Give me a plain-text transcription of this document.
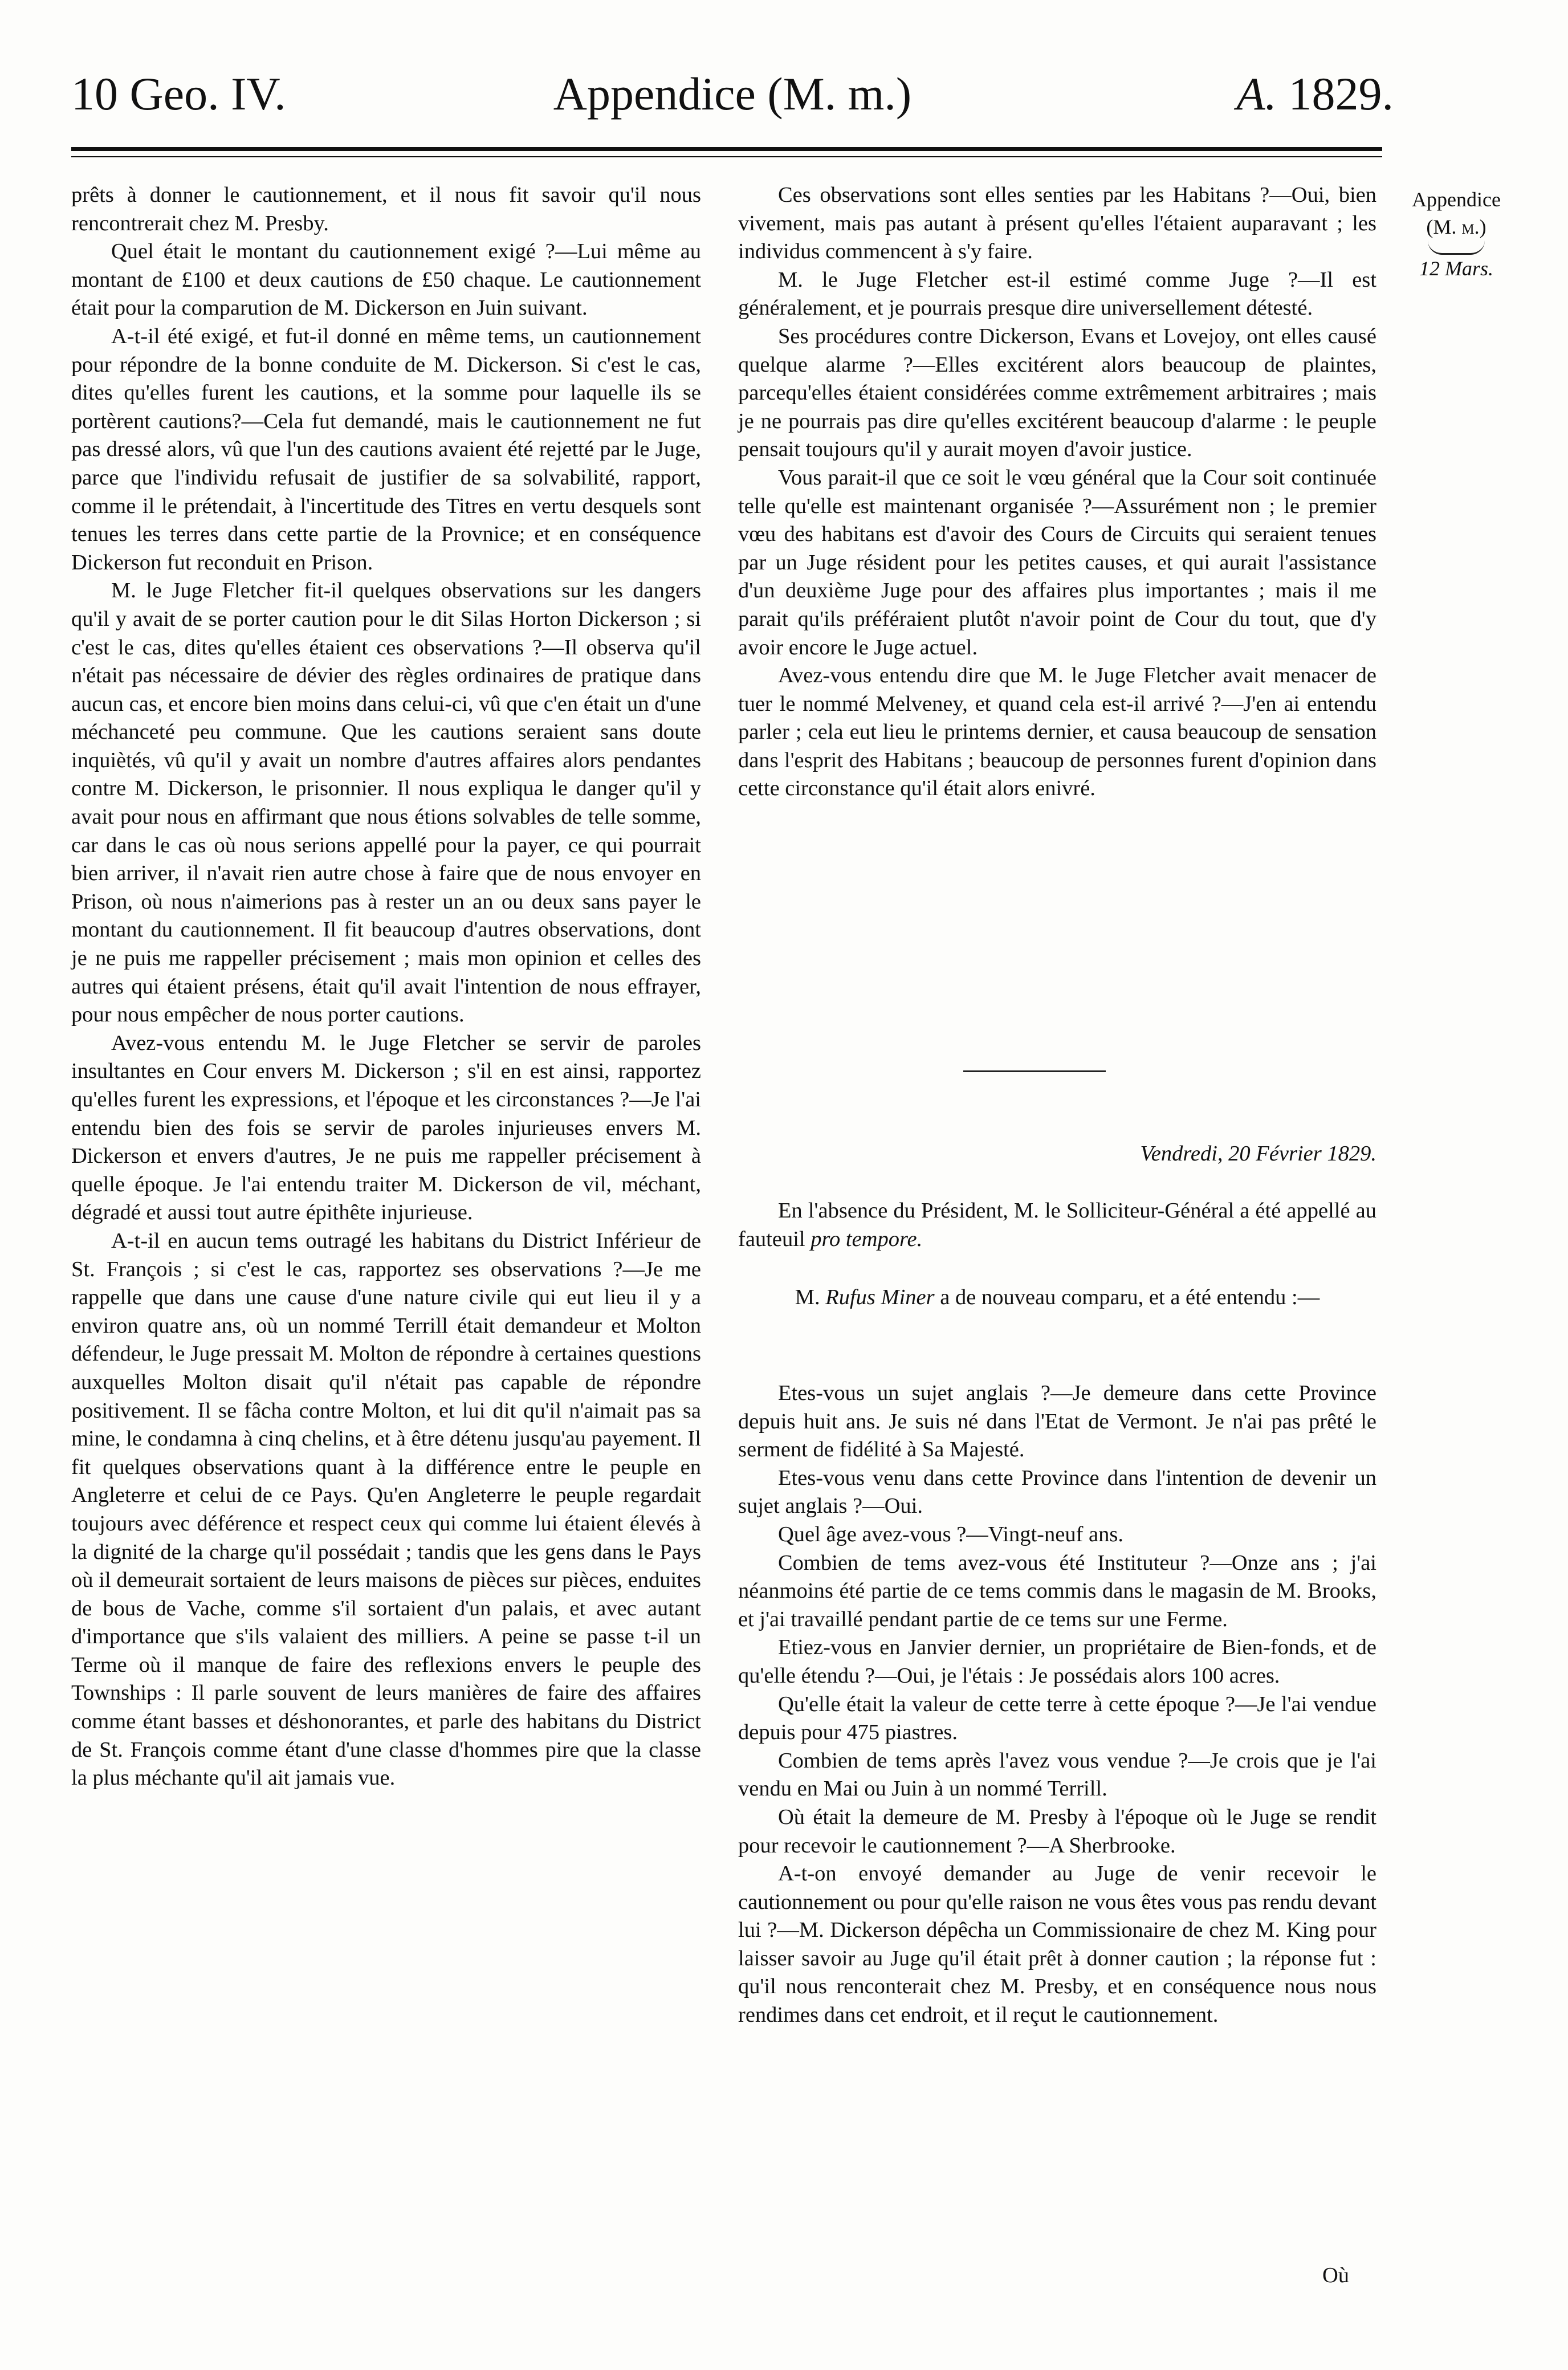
10 Geo. IV.	Appendice (M. m.)	A. 1829.
Appendice
(M. m.)
12 Mars.

prêts à donner le cautionnement, et il nous fit savoir qu'il nous rencontrerait chez M. Presby.

Quel était le montant du cautionnement exigé ?—Lui même au montant de £100 et deux cautions de £50 chaque. Le cautionnement était pour la comparution de M. Dickerson en Juin suivant.

A-t-il été exigé, et fut-il donné en même tems, un cautionnement pour répondre de la bonne conduite de M. Dickerson. Si c'est le cas, dites qu'elles furent les cautions, et la somme pour laquelle ils se portèrent cautions?—Cela fut demandé, mais le cautionnement ne fut pas dressé alors, vû que l'un des cautions avaient été rejetté par le Juge, parce que l'individu refusait de justifier de sa solvabilité, rapport, comme il le prétendait, à l'incertitude des Titres en vertu desquels sont tenues les terres dans cette partie de la Provnice; et en conséquence Dickerson fut reconduit en Prison.

M. le Juge Fletcher fit-il quelques observations sur les dangers qu'il y avait de se porter caution pour le dit Silas Horton Dickerson ; si c'est le cas, dites qu'elles étaient ces observations ?—Il observa qu'il n'était pas nécessaire de dévier des règles ordinaires de pratique dans aucun cas, et encore bien moins dans celui-ci, vû que c'en était un d'une méchanceté peu commune. Que les cautions seraient sans doute inquiètés, vû qu'il y avait un nombre d'autres affaires alors pendantes contre M. Dickerson, le prisonnier. Il nous expliqua le danger qu'il y avait pour nous en affirmant que nous étions solvables de telle somme, car dans le cas où nous serions appellé pour la payer, ce qui pourrait bien arriver, il n'avait rien autre chose à faire que de nous envoyer en Prison, où nous n'aimerions pas à rester un an ou deux sans payer le montant du cautionnement. Il fit beaucoup d'autres observations, dont je ne puis me rappeller précisement ; mais mon opinion et celles des autres qui étaient présens, était qu'il avait l'intention de nous effrayer, pour nous empêcher de nous porter cautions.

Avez-vous entendu M. le Juge Fletcher se servir de paroles insultantes en Cour envers M. Dickerson ; s'il en est ainsi, rapportez qu'elles furent les expressions, et l'époque et les circonstances ?—Je l'ai entendu bien des fois se servir de paroles injurieuses envers M. Dickerson et envers d'autres, Je ne puis me rappeller précisement à quelle époque. Je l'ai entendu traiter M. Dickerson de vil, méchant, dégradé et aussi tout autre épithête injurieuse.

A-t-il en aucun tems outragé les habitans du District Inférieur de St. François ; si c'est le cas, rapportez ses observations ?—Je me rappelle que dans une cause d'une nature civile qui eut lieu il y a environ quatre ans, où un nommé Terrill était demandeur et Molton défendeur, le Juge pressait M. Molton de répondre à certaines questions auxquelles Molton disait qu'il n'était pas capable de répondre positivement. Il se fâcha contre Molton, et lui dit qu'il n'aimait pas sa mine, le condamna à cinq chelins, et à être détenu jusqu'au payement. Il fit quelques observations quant à la différence entre le peuple en Angleterre et celui de ce Pays. Qu'en Angleterre le peuple regardait toujours avec déférence et respect ceux qui comme lui étaient élevés à la dignité de la charge qu'il possédait ; tandis que les gens dans le Pays où il demeurait sortaient de leurs maisons de pièces sur pièces, enduites de bous de Vache, comme s'il sortaient d'un palais, et avec autant d'importance que s'ils valaient des milliers. A peine se passe t-il un Terme où il manque de faire des reflexions envers le peuple des Townships : Il parle souvent de leurs manières de faire des affaires comme étant basses et déshonorantes, et parle des habitans du District de St. François comme étant d'une classe d'hommes pire que la classe la plus méchante qu'il ait jamais vue.

Ces observations sont elles senties par les Habitans ?—Oui, bien vivement, mais pas autant à présent qu'elles l'étaient auparavant ; les individus commencent à s'y faire.

M. le Juge Fletcher est-il estimé comme Juge ?—Il est généralement, et je pourrais presque dire universellement détesté.

Ses procédures contre Dickerson, Evans et Lovejoy, ont elles causé quelque alarme ?—Elles excitérent alors beaucoup de plaintes, parcequ'elles étaient considérées comme extrêmement arbitraires ; mais je ne pourrais pas dire qu'elles excitérent beaucoup d'alarme : le peuple pensait toujours qu'il y aurait moyen d'avoir justice.

Vous parait-il que ce soit le vœu général que la Cour soit continuée telle qu'elle est maintenant organisée ?—Assurément non ; le premier vœu des habitans est d'avoir des Cours de Circuits qui seraient tenues par un Juge résident pour les petites causes, et qui aurait l'assistance d'un deuxième Juge pour des affaires plus importantes ; mais il me parait qu'ils préféraient plutôt n'avoir point de Cour du tout, que d'y avoir encore le Juge actuel.

Avez-vous entendu dire que M. le Juge Fletcher avait menacer de tuer le nommé Melveney, et quand cela est-il arrivé ?—J'en ai entendu parler ; cela eut lieu le printems dernier, et causa beaucoup de sensation dans l'esprit des Habitans ; beaucoup de personnes furent d'opinion dans cette circonstance qu'il était alors enivré.

Vendredi, 20 Février 1829.

En l'absence du Président, M. le Solliciteur-Général a été appellé au fauteuil pro tempore.

M. Rufus Miner a de nouveau comparu, et a été entendu :—

Etes-vous un sujet anglais ?—Je demeure dans cette Province depuis huit ans. Je suis né dans l'Etat de Vermont. Je n'ai pas prêté le serment de fidélité à Sa Majesté.

Etes-vous venu dans cette Province dans l'intention de devenir un sujet anglais ?—Oui.

Quel âge avez-vous ?—Vingt-neuf ans.

Combien de tems avez-vous été Instituteur ?—Onze ans ; j'ai néanmoins été partie de ce tems commis dans le magasin de M. Brooks, et j'ai travaillé pendant partie de ce tems sur une Ferme.

Etiez-vous en Janvier dernier, un propriétaire de Bien-fonds, et de qu'elle étendu ?—Oui, je l'étais : Je possédais alors 100 acres.

Qu'elle était la valeur de cette terre à cette époque ?—Je l'ai vendue depuis pour 475 piastres.

Combien de tems après l'avez vous vendue ?—Je crois que je l'ai vendu en Mai ou Juin à un nommé Terrill.

Où était la demeure de M. Presby à l'époque où le Juge se rendit pour recevoir le cautionnement ?—A Sherbrooke.

A-t-on envoyé demander au Juge de venir recevoir le cautionnement ou pour qu'elle raison ne vous êtes vous pas rendu devant lui ?—M. Dickerson dépêcha un Commissionaire de chez M. King pour laisser savoir au Juge qu'il était prêt à donner caution ; la réponse fut : qu'il nous renconterait chez M. Presby, et en conséquence nous nous rendimes dans cet endroit, et il reçut le cautionnement.

Où
